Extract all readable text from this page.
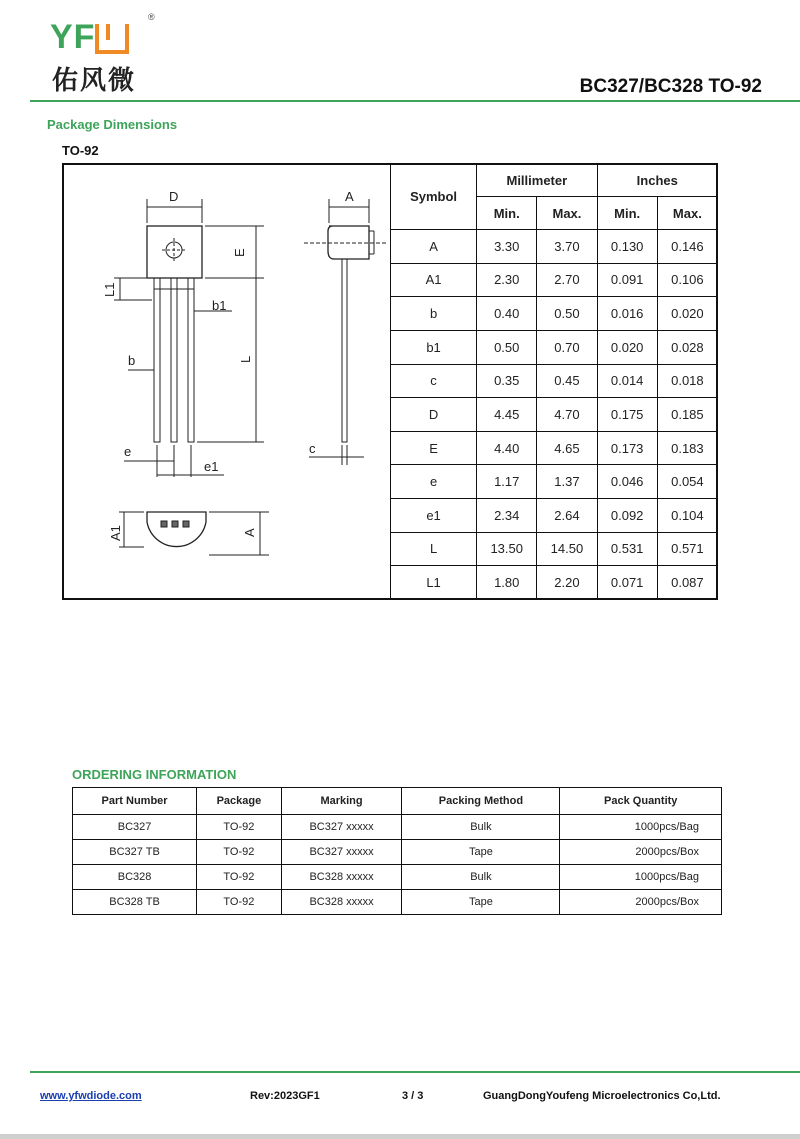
YF
®
佑风微	BC327/BC328 TO-92
Package Dimensions
TO-92
D
E
L1
b1
b	L
e
e1
A
c
A1	A
Symbol	Millimeter		Inches	
	Min.	Max.	Min.	Max.
A	3.30	3.70	0.130	0.146
A1	2.30	2.70	0.091	0.106
b	0.40	0.50	0.016	0.020
b1	0.50	0.70	0.020	0.028
c	0.35	0.45	0.014	0.018
D	4.45	4.70	0.175	0.185
E	4.40	4.65	0.173	0.183
e	1.17	1.37	0.046	0.054
e1	2.34	2.64	0.092	0.104
L	13.50	14.50	0.531	0.571
L1	1.80	2.20	0.071	0.087
ORDERING INFORMATION
Part Number	Package	Marking	Packing Method	Pack Quantity
BC327	TO-92	BC327 xxxxx	Bulk	1000pcs/Bag
BC327 TB	TO-92	BC327 xxxxx	Tape	2000pcs/Box
BC328	TO-92	BC328 xxxxx	Bulk	1000pcs/Bag
BC328 TB	TO-92	BC328 xxxxx	Tape	2000pcs/Box
www.yfwdiode.com	Rev:2023GF1	3 / 3	GuangDongYoufeng Microelectronics Co,Ltd.
